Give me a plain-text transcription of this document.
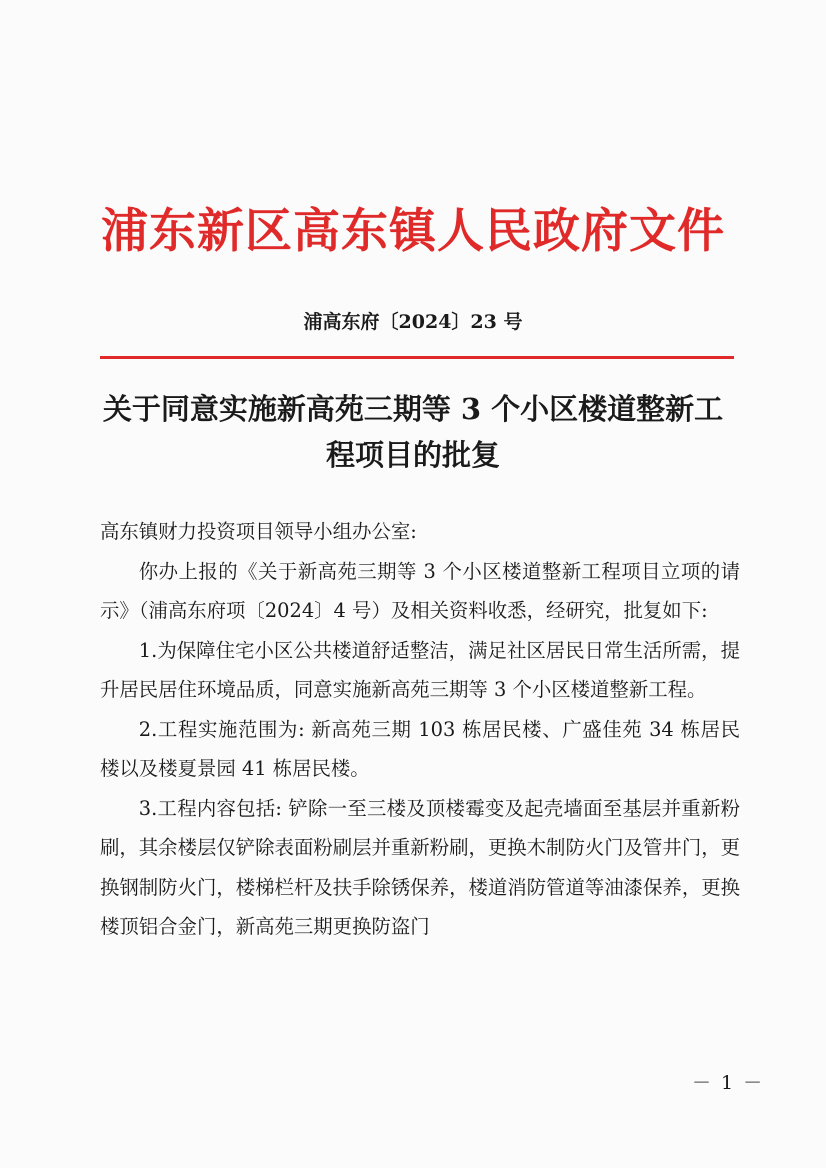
浦东新区高东镇人民政府文件
浦高东府〔2024〕23 号
关于同意实施新高苑三期等 3 个小区楼道整新工程项目的批复

高东镇财力投资项目领导小组办公室:

你办上报的《关于新高苑三期等 3 个小区楼道整新工程项目立项的请示》（浦高东府项〔2024〕4 号）及相关资料收悉，经研究，批复如下:

1.为保障住宅小区公共楼道舒适整洁，满足社区居民日常生活所需，提升居民居住环境品质，同意实施新高苑三期等 3 个小区楼道整新工程。

2.工程实施范围为: 新高苑三期 103 栋居民楼、广盛佳苑 34 栋居民楼以及楼夏景园 41 栋居民楼。

3.工程内容包括: 铲除一至三楼及顶楼霉变及起壳墙面至基层并重新粉刷，其余楼层仅铲除表面粉刷层并重新粉刷，更换木制防火门及管井门，更换钢制防火门，楼梯栏杆及扶手除锈保养，楼道消防管道等油漆保养，更换楼顶铝合金门，新高苑三期更换防盗门

－ 1 －
